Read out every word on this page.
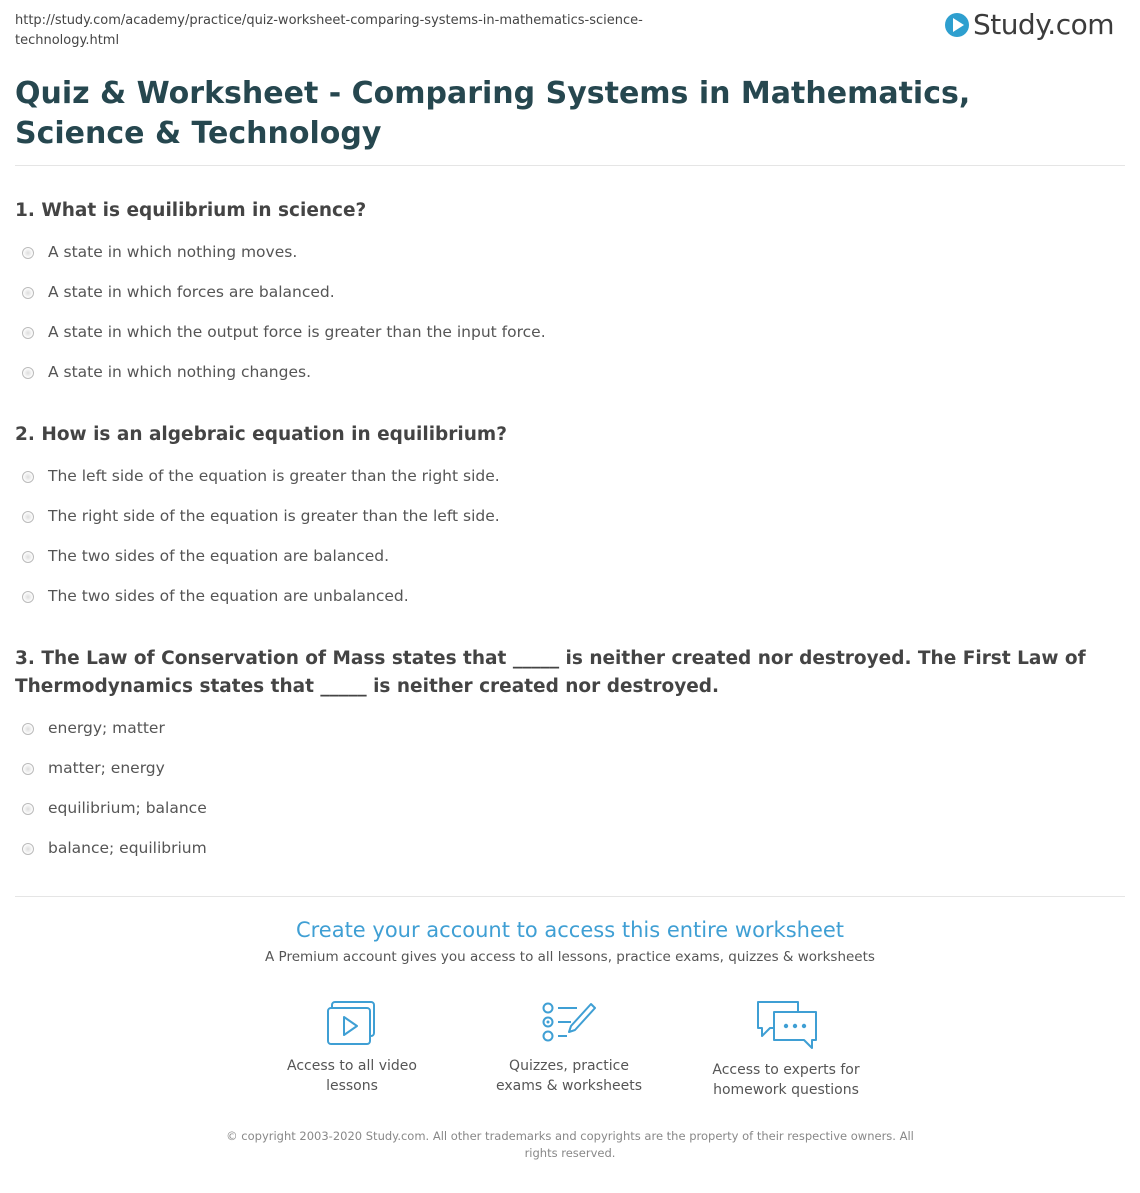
http://study.com/academy/practice/quiz-worksheet-comparing-systems-in-mathematics-science-technology.html	Study.com
Quiz & Worksheet - Comparing Systems in Mathematics, Science & Technology
1. What is equilibrium in science?
A state in which nothing moves.
A state in which forces are balanced.
A state in which the output force is greater than the input force.
A state in which nothing changes.
2. How is an algebraic equation in equilibrium?
The left side of the equation is greater than the right side.
The right side of the equation is greater than the left side.
The two sides of the equation are balanced.
The two sides of the equation are unbalanced.
3. The Law of Conservation of Mass states that _____ is neither created nor destroyed. The First Law of Thermodynamics states that _____ is neither created nor destroyed.
energy; matter
matter; energy
equilibrium; balance
balance; equilibrium
Create your account to access this entire worksheet
A Premium account gives you access to all lessons, practice exams, quizzes & worksheets
Access to all video lessons
Quizzes, practice exams & worksheets
Access to experts for homework questions
© copyright 2003-2020 Study.com. All other trademarks and copyrights are the property of their respective owners. All rights reserved.
